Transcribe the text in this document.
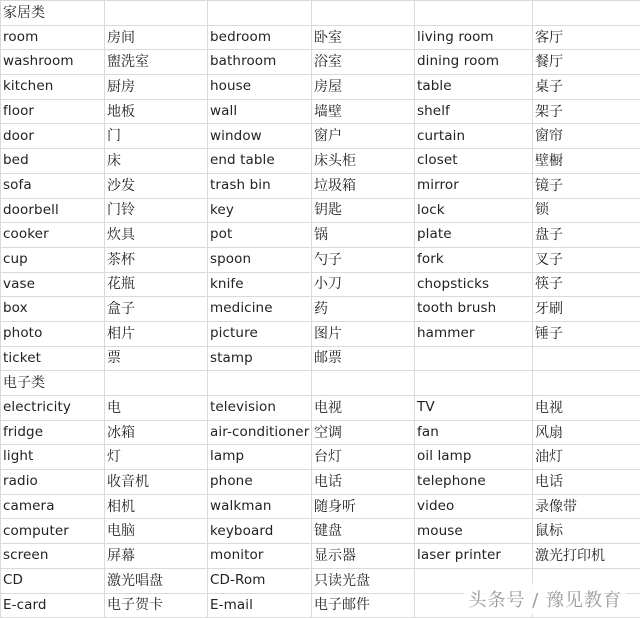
家居类					
room	房间	bedroom	卧室	living room	客厅
washroom	盥洗室	bathroom	浴室	dining room	餐厅
kitchen	厨房	house	房屋	table	桌子
floor	地板	wall	墙壁	shelf	架子
door	门	window	窗户	curtain	窗帘
bed	床	end table	床头柜	closet	壁橱
sofa	沙发	trash bin	垃圾箱	mirror	镜子
doorbell	门铃	key	钥匙	lock	锁
cooker	炊具	pot	锅	plate	盘子
cup	茶杯	spoon	勺子	fork	叉子
vase	花瓶	knife	小刀	chopsticks	筷子
box	盒子	medicine	药	tooth brush	牙刷
photo	相片	picture	图片	hammer	锤子
ticket	票	stamp	邮票		
电子类					
electricity	电	television	电视	TV	电视
fridge	冰箱	air-conditioner	空调	fan	风扇
light	灯	lamp	台灯	oil lamp	油灯
radio	收音机	phone	电话	telephone	电话
camera	相机	walkman	随身听	video	录像带
computer	电脑	keyboard	键盘	mouse	鼠标
screen	屏幕	monitor	显示器	laser printer	激光打印机
CD	激光唱盘	CD-Rom	只读光盘		
E-card	电子贺卡	E-mail	电子邮件			头条号 / 豫见教育
